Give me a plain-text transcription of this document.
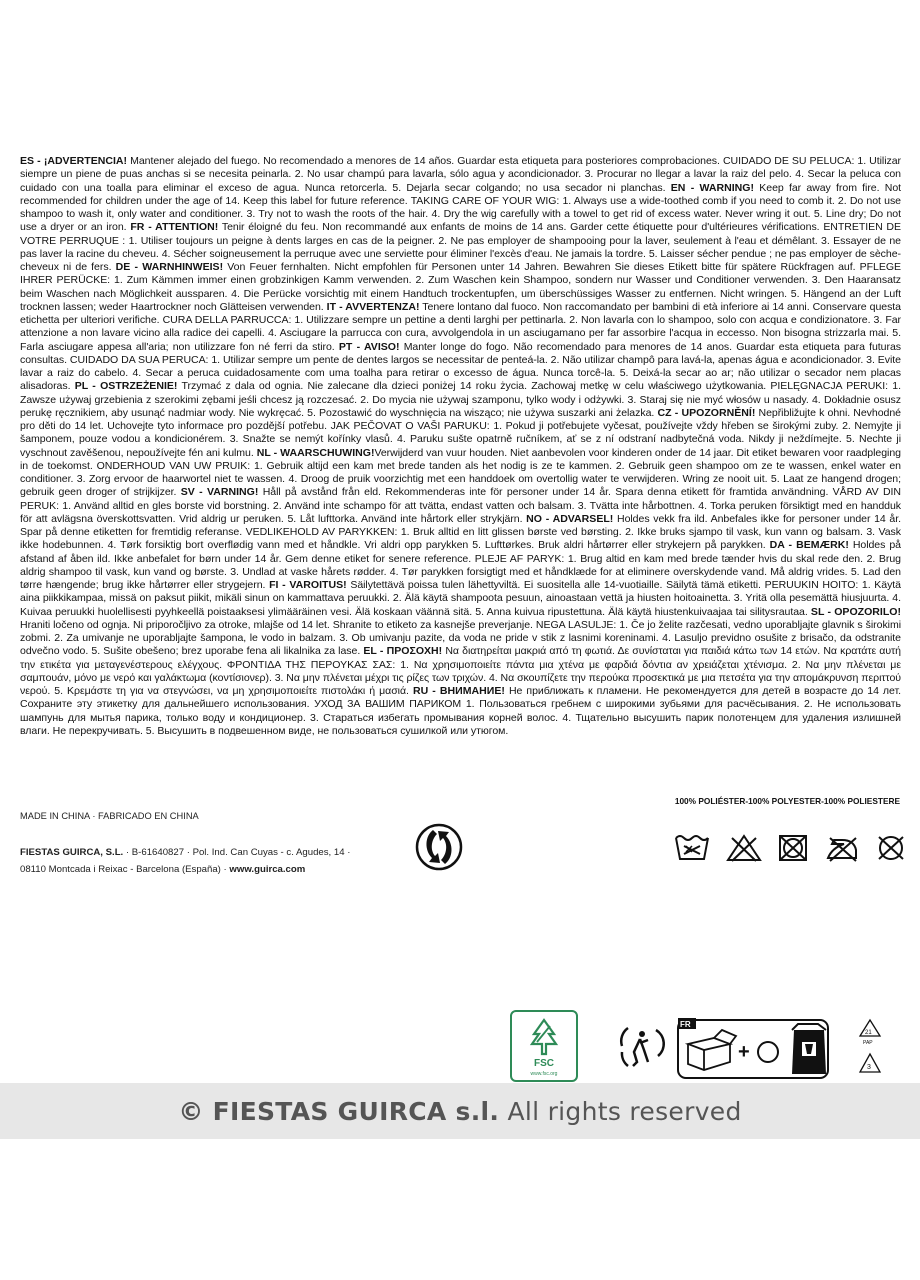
ES - ¡ADVERTENCIA! Mantener alejado del fuego. No recomendado a menores de 14 años. Guardar esta etiqueta para posteriores comprobaciones. CUIDADO DE SU PELUCA: 1. Utilizar siempre un piene de puas anchas si se necesita peinarla. 2. No usar champú para lavarla, sólo agua y acondicionador. 3. Procurar no llegar a lavar la raiz del pelo. 4. Secar la peluca con cuidado con una toalla para eliminar el exceso de agua. Nunca retorcerla. 5. Dejarla secar colgando; no usa secador ni planchas. EN - WARNING! Keep far away from fire. Not recommended for children under the age of 14. Keep this label for future reference. TAKING CARE OF YOUR WIG: 1. Always use a wide-toothed comb if you need to comb it. 2. Do not use shampoo to wash it, only water and conditioner. 3. Try not to wash the roots of the hair. 4. Dry the wig carefully with a towel to get rid of excess water. Never wring it out. 5. Line dry; Do not use a dryer or an iron. FR - ATTENTION! Tenir éloigné du feu. Non recommandé aux enfants de moins de 14 ans. Garder cette étiquette pour d'ultérieures vérifications. ENTRETIEN DE VOTRE PERRUQUE : 1. Utiliser toujours un peigne à dents larges en cas de la peigner. 2. Ne pas employer de shampooing pour la laver, seulement à l'eau et démêlant. 3. Essayer de ne pas laver la racine du cheveu. 4. Sécher soigneusement la perruque avec une serviette pour éliminer l'excès d'eau. Ne jamais la tordre. 5. Laisser sécher pendue ; ne pas employer de sèche-cheveux ni de fers. DE - WARNHINWEIS! Von Feuer fernhalten. Nicht empfohlen für Personen unter 14 Jahren. Bewahren Sie dieses Etikett bitte für spätere Rückfragen auf. PFLEGE IHRER PERÜCKE: 1. Zum Kämmen immer einen grobzinkigen Kamm verwenden. 2. Zum Waschen kein Shampoo, sondern nur Wasser und Conditioner verwenden. 3. Den Haaransatz beim Waschen nach Möglichkeit aussparen. 4. Die Perücke vorsichtig mit einem Handtuch trockentupfen, um überschüssiges Wasser zu entfernen. Nicht wringen. 5. Hängend an der Luft trocknen lassen; weder Haartrockner noch Glätteisen verwenden. IT - AVVERTENZA! Tenere lontano dal fuoco. Non raccomandato per bambini di età inferiore ai 14 anni. Conservare questa etichetta per ulteriori verifiche. CURA DELLA PARRUCCA: 1. Utilizzare sempre un pettine a denti larghi per pettinarla. 2. Non lavarla con lo shampoo, solo con acqua e condizionatore. 3. Far attenzione a non lavare vicino alla radice dei capelli. 4. Asciugare la parrucca con cura, avvolgendola in un asciugamano per far assorbire l'acqua in eccesso. Non bisogna strizzarla mai. 5. Farla asciugare appesa all'aria; non utilizzare fon né ferri da stiro. PT - AVISO! Manter longe do fogo. Não recomendado para menores de 14 anos. Guardar esta etiqueta para futuras consultas. CUIDADO DA SUA PERUCA: 1. Utilizar sempre um pente de dentes largos se necessitar de penteá-la. 2. Não utilizar champô para lavá-la, apenas água e acondicionador. 3. Evite lavar a raiz do cabelo. 4. Secar a peruca cuidadosamente com uma toalha para retirar o excesso de água. Nunca torcê-la. 5. Deixá-la secar ao ar; não utilizar o secador nem placas alisadoras. PL - OSTRZEŻENIE! Trzymać z dala od ognia. Nie zalecane dla dzieci poniżej 14 roku życia. Zachowaj metkę w celu właściwego użytkowania. PIELĘGNACJA PERUKI: 1. Zawsze używaj grzebienia z szerokimi zębami jeśli chcesz ją rozczesać. 2. Do mycia nie używaj szamponu, tylko wody i odżywki. 3. Staraj się nie myć włosów u nasady. 4. Dokładnie osusz perukę ręcznikiem, aby usunąć nadmiar wody. Nie wykręcać. 5. Pozostawić do wyschnięcia na wisząco; nie używa suszarki ani żelazka. CZ - UPOZORNĚNÍ! Nepřibližujte k ohni. Nevhodné pro děti do 14 let. Uchovejte tyto informace pro pozdější potřebu. JAK PEČOVAT O VAŠI PARUKU: 1. Pokud ji potřebujete vyčesat, používejte vždy hřeben se širokými zuby. 2. Nemyjte ji šamponem, pouze vodou a kondicionérem. 3. Snažte se nemýt kořínky vlasů. 4. Paruku sušte opatrně ručníkem, ať se z ní odstraní nadbytečná voda. Nikdy ji neždímejte. 5. Nechte ji vyschnout zavěšenou, nepoužívejte fén ani kulmu. NL - WAARSCHUWING!Verwijderd van vuur houden. Niet aanbevolen voor kinderen onder de 14 jaar. Dit etiket bewaren voor raadpleging in de toekomst. ONDERHOUD VAN UW PRUIK: 1. Gebruik altijd een kam met brede tanden als het nodig is ze te kammen. 2. Gebruik geen shampoo om ze te wassen, enkel water en conditioner. 3. Zorg ervoor de haarwortel niet te wassen. 4. Droog de pruik voorzichtig met een handdoek om overtollig water te verwijderen. Wring ze nooit uit. 5. Laat ze hangend drogen; gebruik geen droger of strijkijzer. SV - VARNING! Håll på avstånd från eld. Rekommenderas inte för personer under 14 år. Spara denna etikett för framtida användning. VÅRD AV DIN PERUK: 1. Använd alltid en gles borste vid borstning. 2. Använd inte schampo för att tvätta, endast vatten och balsam. 3. Tvätta inte hårbottnen. 4. Torka peruken försiktigt med en handduk för att avlägsna överskottsvatten. Vrid aldrig ur peruken. 5. Låt lufttorka. Använd inte hårtork eller strykjärn. NO - ADVARSEL! Holdes vekk fra ild. Anbefales ikke for personer under 14 år. Spar på denne etiketten for fremtidig referanse. VEDLIKEHOLD AV PARYKKEN: 1. Bruk alltid en litt glissen børste ved børsting. 2. Ikke bruks sjampo til vask, kun vann og balsam. 3. Vask ikke hodebunnen. 4. Tørk forsiktig bort overflødig vann med et håndkle. Vri aldri opp parykken 5. Lufttørkes. Bruk aldri hårtørrer eller strykejern på parykken. DA - BEMÆRK! Holdes på afstand af åben ild. Ikke anbefalet for børn under 14 år. Gem denne etiket for senere reference. PLEJE AF PARYK: 1. Brug altid en kam med brede tænder hvis du skal rede den. 2. Brug aldrig shampoo til vask, kun vand og børste. 3. Undlad at vaske hårets rødder. 4. Tør parykken forsigtigt med et håndklæde for at eliminere overskydende vand. Må aldrig vrides. 5. Lad den tørre hængende; brug ikke hårtørrer eller strygejern. FI - VAROITUS! Säilytettävä poissa tulen lähettyviltä. Ei suositella alle 14-vuotiaille. Säilytä tämä etiketti. PERUUKIN HOITO: 1. Käytä aina piikkikampaa, missä on paksut piikit, mikäli sinun on kammattava peruukki. 2. Älä käytä shampoota pesuun, ainoastaan vettä ja hiusten hoitoainetta. 3. Yritä olla pesemättä hiusjuurta. 4. Kuivaa peruukki huolellisesti pyyhkeellä poistaaksesi ylimääräinen vesi. Älä koskaan väännä sitä. 5. Anna kuivua ripustettuna. Älä käytä hiustenkuivaajaa tai silitysrautaa. SL - OPOZORILO! Hraniti ločeno od ognja. Ni priporočljivo za otroke, mlajše od 14 let. Shranite to etiketo za kasnejše preverjanje. NEGA LASULJE: 1. Če jo želite razčesati, vedno uporabljajte glavnik s širokimi zobmi. 2. Za umivanje ne uporabljajte šampona, le vodo in balzam. 3. Ob umivanju pazite, da voda ne pride v stik z lasnimi koreninami. 4. Lasuljo previdno osušite z brisačo, da odstranite odvečno vodo. 5. Sušite obešeno; brez uporabe fena ali likalnika za lase. EL - ΠΡΟΣΟΧΗ! Να διατηρείται μακριά από τη φωτιά. Δε συνίσταται για παιδιά κάτω των 14 ετών. Να κρατάτε αυτή την ετικέτα για μεταγενέστερους ελέγχους. ΦΡΟΝΤΙΔΑ ΤΗΣ ΠΕΡΟΥΚΑΣ ΣΑΣ: 1. Να χρησιμοποιείτε πάντα μια χτένα με φαρδιά δόντια αν χρειάζεται χτένισμα. 2. Να μην πλένεται με σαμπουάν, μόνο με νερό και γαλάκτωμα (κοντίσιονερ). 3. Να μην πλένεται μέχρι τις ρίζες των τριχών. 4. Να σκουπίζετε την περούκα προσεκτικά με μια πετσέτα για την απομάκρυνση περιττού νερού. 5. Κρεμάστε τη για να στεγνώσει, να μη χρησιμοποιείτε πιστολάκι ή μασιά. RU - ВНИМАНИЕ! Не приближать к пламени. Не рекомендуется для детей в возрасте до 14 лет. Сохраните эту этикетку для дальнейшего использования. УХОД ЗА ВАШИМ ПАРИКОМ 1. Пользоваться гребнем с широкими зубьями для расчёсывания. 2. Не использовать шампунь для мытья парика, только воду и кондиционер. 3. Стараться избегать промывания корней волос. 4. Тщательно высушить парик полотенцем для удаления излишней влаги. Не перекручивать. 5. Высушить в подвешенном виде, не пользоваться сушилкой или утюгом.
100% POLIÉSTER-100% POLYESTER-100% POLIESTERE
MADE IN CHINA · FABRICADO EN CHINA
FIESTAS GUIRCA, S.L. · B-61640827 · Pol. Ind. Can Cuyas - c. Agudes, 14 ·
08110 Montcada i Reixac - Barcelona (España) · www.guirca.com
FSC
www.fsc.org
FR
+
21
PAP
3
© FIESTAS GUIRCA s.l. All rights reserved
